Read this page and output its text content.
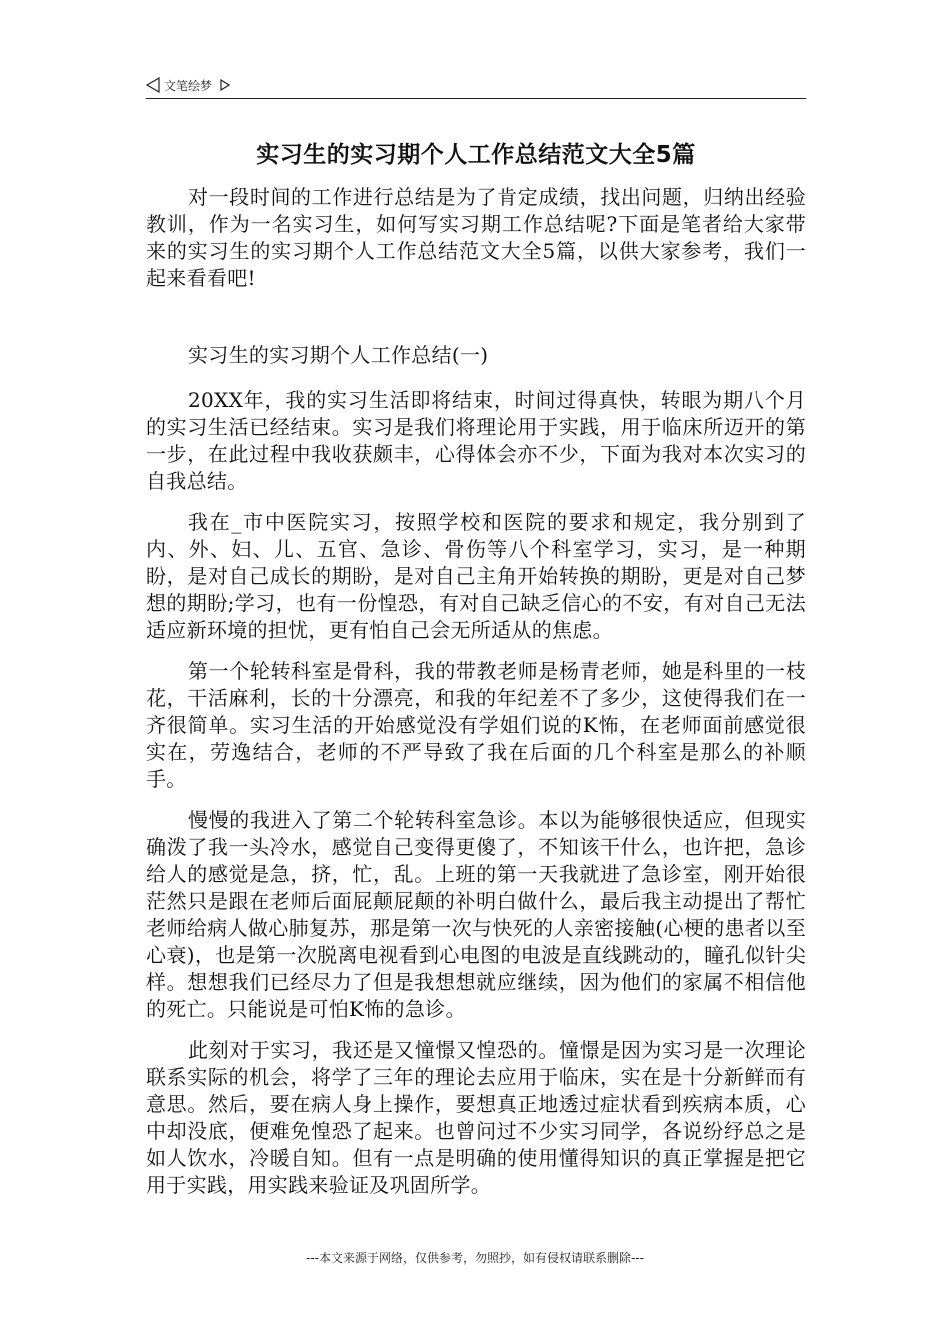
文笔绘梦
实习生的实习期个人工作总结范文大全5篇

对一段时间的工作进行总结是为了肯定成绩，找出问题，归纳出经验教训，作为一名实习生，如何写实习期工作总结呢?下面是笔者给大家带来的实习生的实习期个人工作总结范文大全5篇，以供大家参考，我们一起来看看吧!

实习生的实习期个人工作总结(一)

20XX年，我的实习生活即将结束，时间过得真快，转眼为期八个月的实习生活已经结束。实习是我们将理论用于实践，用于临床所迈开的第一步，在此过程中我收获颇丰，心得体会亦不少，下面为我对本次实习的自我总结。

我在_市中医院实习，按照学校和医院的要求和规定，我分别到了内、外、妇、儿、五官、急诊、骨伤等八个科室学习，实习，是一种期盼，是对自己成长的期盼，是对自己主角开始转换的期盼，更是对自己梦想的期盼;学习，也有一份惶恐，有对自己缺乏信心的不安，有对自己无法适应新环境的担忧，更有怕自己会无所适从的焦虑。

第一个轮转科室是骨科，我的带教老师是杨青老师，她是科里的一枝花，干活麻利，长的十分漂亮，和我的年纪差不了多少，这使得我们在一齐很简单。实习生活的开始感觉没有学姐们说的K怖，在老师面前感觉很实在，劳逸结合，老师的不严导致了我在后面的几个科室是那么的补顺手。

慢慢的我进入了第二个轮转科室急诊。本以为能够很快适应，但现实确泼了我一头冷水，感觉自己变得更傻了，不知该干什么，也许把，急诊给人的感觉是急，挤，忙，乱。上班的第一天我就进了急诊室，刚开始很茫然只是跟在老师后面屁颠屁颠的补明白做什么，最后我主动提出了帮忙老师给病人做心肺复苏，那是第一次与快死的人亲密接触(心梗的患者以至心衰)，也是第一次脱离电视看到心电图的电波是直线跳动的，瞳孔似针尖样。想想我们已经尽力了但是我想想就应继续，因为他们的家属不相信他的死亡。只能说是可怕K怖的急诊。

此刻对于实习，我还是又憧憬又惶恐的。憧憬是因为实习是一次理论联系实际的机会，将学了三年的理论去应用于临床，实在是十分新鲜而有意思。然后，要在病人身上操作，要想真正地透过症状看到疾病本质，心中却没底，便难免惶恐了起来。也曾问过不少实习同学，各说纷纾总之是如人饮水，冷暖自知。但有一点是明确的使用懂得知识的真正掌握是把它用于实践，用实践来验证及巩固所学。

---本文来源于网络，仅供参考，勿照抄，如有侵权请联系删除---
